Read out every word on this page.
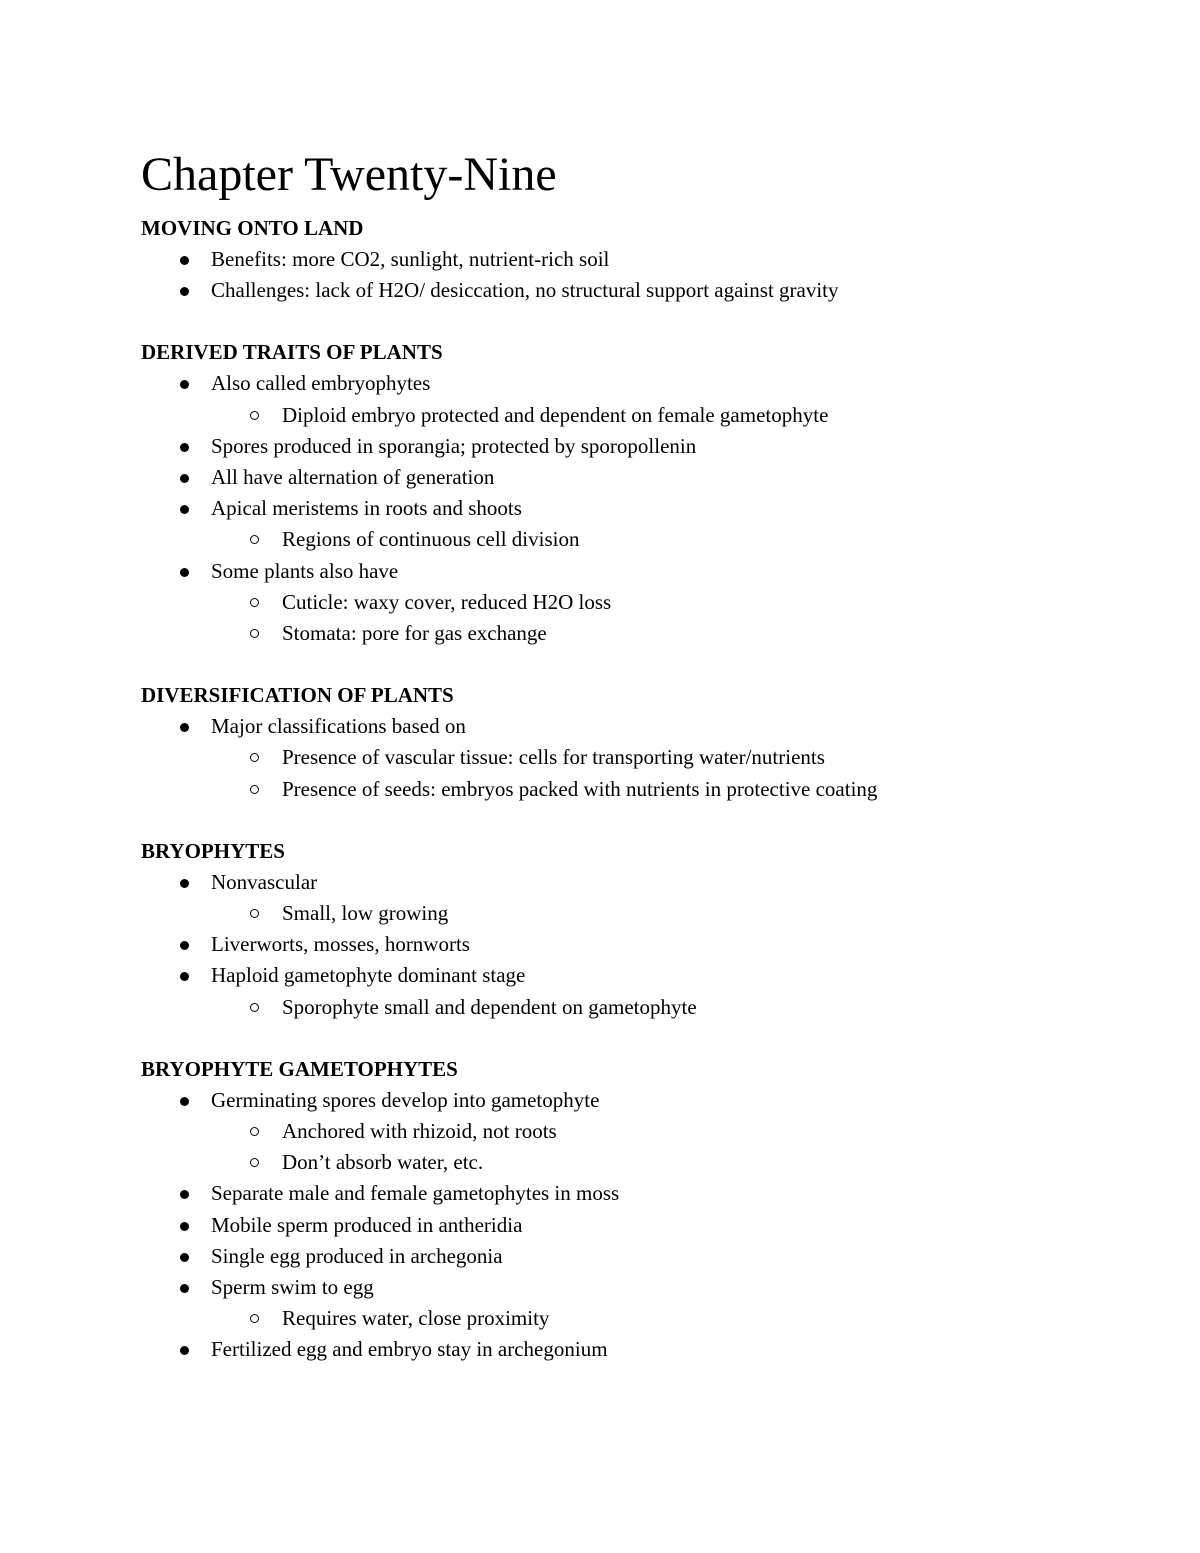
Chapter Twenty-Nine
MOVING ONTO LAND
Benefits: more CO2, sunlight, nutrient-rich soil
Challenges: lack of H2O/ desiccation, no structural support against gravity
DERIVED TRAITS OF PLANTS
Also called embryophytes
Diploid embryo protected and dependent on female gametophyte
Spores produced in sporangia; protected by sporopollenin
All have alternation of generation
Apical meristems in roots and shoots
Regions of continuous cell division
Some plants also have
Cuticle: waxy cover, reduced H2O loss
Stomata: pore for gas exchange
DIVERSIFICATION OF PLANTS
Major classifications based on
Presence of vascular tissue: cells for transporting water/nutrients
Presence of seeds: embryos packed with nutrients in protective coating
BRYOPHYTES
Nonvascular
Small, low growing
Liverworts, mosses, hornworts
Haploid gametophyte dominant stage
Sporophyte small and dependent on gametophyte
BRYOPHYTE GAMETOPHYTES
Germinating spores develop into gametophyte
Anchored with rhizoid, not roots
Don’t absorb water, etc.
Separate male and female gametophytes in moss
Mobile sperm produced in antheridia
Single egg produced in archegonia
Sperm swim to egg
Requires water, close proximity
Fertilized egg and embryo stay in archegonium
